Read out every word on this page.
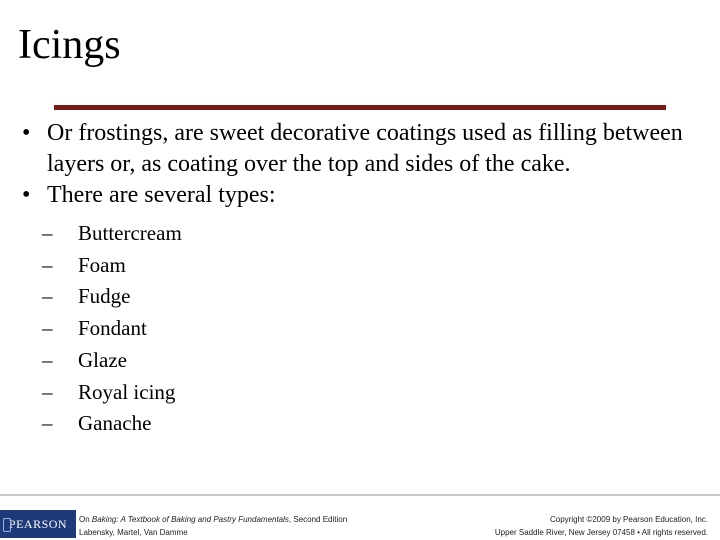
Icings
• Or frostings, are sweet decorative coatings used as filling between layers or, as coating over the top and sides of the cake.
• There are several types:
– Buttercream
– Foam
– Fudge
– Fondant
– Glaze
– Royal icing
– Ganache
PEARSON On Baking: A Textbook of Baking and Pastry Fundamentals, Second Edition
Labensky, Martel, Van Damme
Copyright ©2009 by Pearson Education, Inc.
Upper Saddle River, New Jersey 07458 • All rights reserved.
